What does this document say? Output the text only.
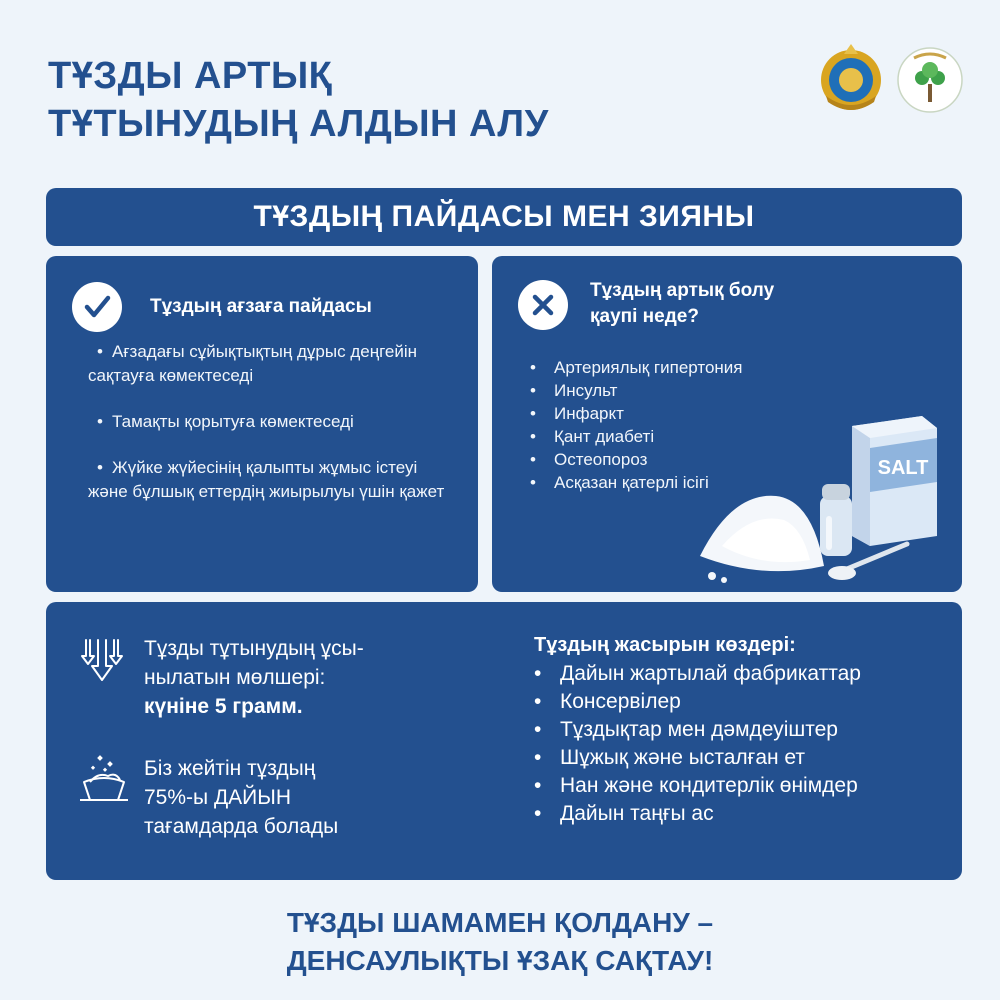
ТҰЗДЫ АРТЫҚ
ТҰТЫНУДЫҢ АЛДЫН АЛУ
ТҰЗДЫҢ ПАЙДАСЫ МЕН ЗИЯНЫ
Тұздың ағзаға пайдасы
• Ағзадағы сұйықтықтың дұрыс деңгейін сақтауға көмектеседі
• Тамақты қорытуға көмектеседі
• Жүйке жүйесінің қалыпты жұмыс істеуі және бұлшық еттердің жиырылуы үшін қажет
Тұздың артық болу
қаупі неде?
• Артериялық гипертония
• Инсульт
• Инфаркт
• Қант диабеті
• Остеопороз
• Асқазан қатерлі ісігі
SALT
Тұзды тұтынудың ұсы-
нылатын мөлшері:
күніне 5 грамм.
Біз жейтін тұздың
75%-ы ДАЙЫН
тағамдарда болады
Тұздың жасырын көздері:
• Дайын жартылай фабрикаттар
• Консервілер
• Тұздықтар мен дәмдеуіштер
• Шұжық және ысталған ет
• Нан және кондитерлік өнімдер
• Дайын таңғы ас
ТҰЗДЫ ШАМАМЕН ҚОЛДАНУ –
ДЕНСАУЛЫҚТЫ ҰЗАҚ САҚТАУ!
